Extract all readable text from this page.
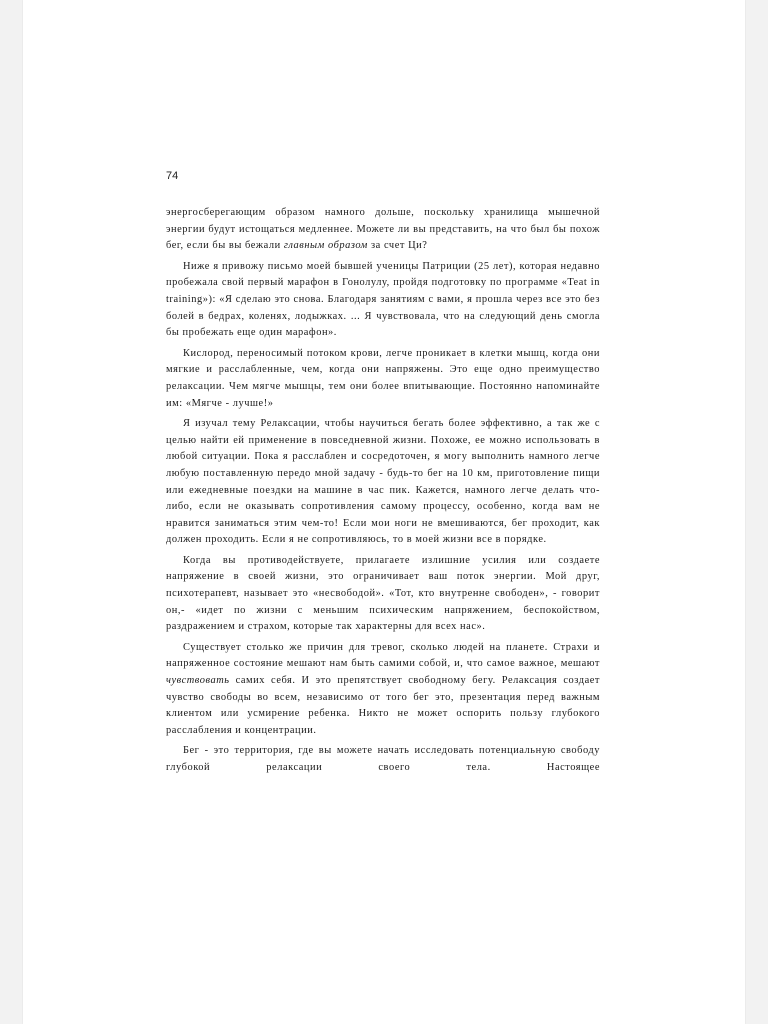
74

энергосберегающим образом намного дольше, поскольку хранилища мышечной энергии будут истощаться медленнее. Можете ли вы представить, на что был бы похож бег, если бы вы бежали главным образом за счет Ци?

Ниже я привожу письмо моей бывшей ученицы Патриции (25 лет), которая недавно пробежала свой первый марафон в Гонолулу, пройдя подготовку по программе «Teat in training»): «Я сделаю это снова. Благодаря занятиям с вами, я прошла через все это без болей в бедрах, коленях, лодыжках. ... Я чувствовала, что на следующий день смогла бы пробежать еще один марафон».

Кислород, переносимый потоком крови, легче проникает в клетки мышц, когда они мягкие и расслабленные, чем, когда они напряжены. Это еще одно преимущество релаксации. Чем мягче мышцы, тем они более впитывающие. Постоянно напоминайте им: «Мягче - лучше!»

Я изучал тему Релаксации, чтобы научиться бегать более эффективно, а так же с целью найти ей применение в повседневной жизни. Похоже, ее можно использовать в любой ситуации. Пока я расслаблен и сосредоточен, я могу выполнить намного легче любую поставленную передо мной задачу - будь-то бег на 10 км, приготовление пищи или ежедневные поездки на машине в час пик. Кажется, намного легче делать что-либо, если не оказывать сопротивления самому процессу, особенно, когда вам не нравится заниматься этим чем-то! Если мои ноги не вмешиваются, бег проходит, как должен проходить. Если я не сопротивляюсь, то в моей жизни все в порядке.

Когда вы противодействуете, прилагаете излишние усилия или создаете напряжение в своей жизни, это ограничивает ваш поток энергии. Мой друг, психотерапевт, называет это «несвободой». «Тот, кто внутренне свободен», - говорит он,- «идет по жизни с меньшим психическим напряжением, беспокойством, раздражением и страхом, которые так характерны для всех нас».

Существует столько же причин для тревог, сколько людей на планете. Страхи и напряженное состояние мешают нам быть самими собой, и, что самое важное, мешают чувствовать самих себя. И это препятствует свободному бегу. Релаксация создает чувство свободы во всем, независимо от того бег это, презентация перед важным клиентом или усмирение ребенка. Никто не может оспорить пользу глубокого расслабления и концентрации.

Бег - это территория, где вы можете начать исследовать потенциальную свободу глубокой релаксации своего тела. Настоящее
